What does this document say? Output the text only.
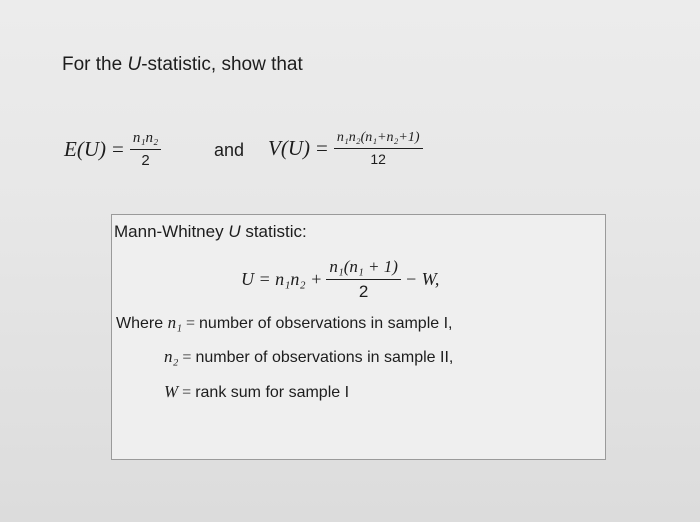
For the U-statistic, show that
$E(U) = \frac{\text{n₁n₂}}{2}$	and $V(U) = \frac{\text{n₁n₂(n₁+n₂+1)}}{12}$
Mann-Whitney U statistic:
$U = n_1n_2 + \frac{\text{n₁(n₁ + 1)}}{2} - W$,
Where n₁ = number of observations in sample I,
n₂ = number of observations in sample II,
W = rank sum for sample I
